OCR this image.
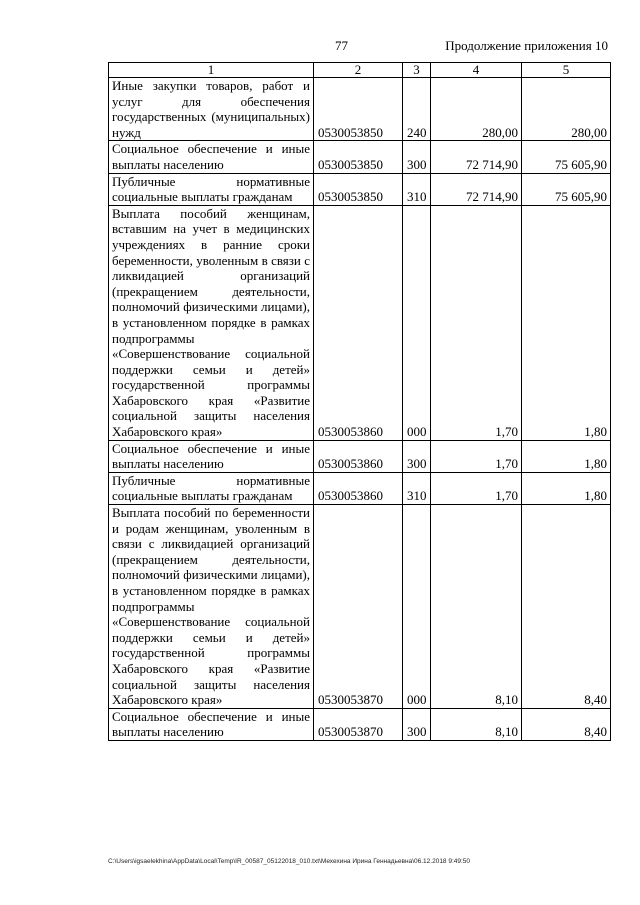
77	Продолжение приложения 10
1	2	3	4	5
Иные закупки товаров, работ и услуг для обеспечения государственных (муниципальных) нужд	0530053850	240	280,00	280,00
Социальное обеспечение и иные выплаты населению	0530053850	300	72 714,90	75 605,90
Публичные нормативные социальные выплаты гражданам	0530053850	310	72 714,90	75 605,90
Выплата пособий женщинам, вставшим на учет в медицинских учреждениях в ранние сроки беременности, уволенным в связи с ликвидацией организаций (прекращением деятельности, полномочий физическими лицами), в установленном порядке в рамках подпрограммы «Совершенствование социальной поддержки семьи и детей» государственной программы Хабаровского края «Развитие социальной защиты населения Хабаровского края»	0530053860	000	1,70	1,80
Социальное обеспечение и иные выплаты населению	0530053860	300	1,70	1,80
Публичные нормативные социальные выплаты гражданам	0530053860	310	1,70	1,80
Выплата пособий по беременности и родам женщинам, уволенным в связи с ликвидацией организаций (прекращением деятельности, полномочий физическими лицами), в установленном порядке в рамках подпрограммы «Совершенствование социальной поддержки семьи и детей» государственной программы Хабаровского края «Развитие социальной защиты населения Хабаровского края»	0530053870	000	8,10	8,40
Социальное обеспечение и иные выплаты населению	0530053870	300	8,10	8,40
C:\Users\igsaelekhina\AppData\Local\Temp\IR_00587_05122018_010.txt\Мехехина Ирина Геннадьевна\06.12.2018 9:49:50
